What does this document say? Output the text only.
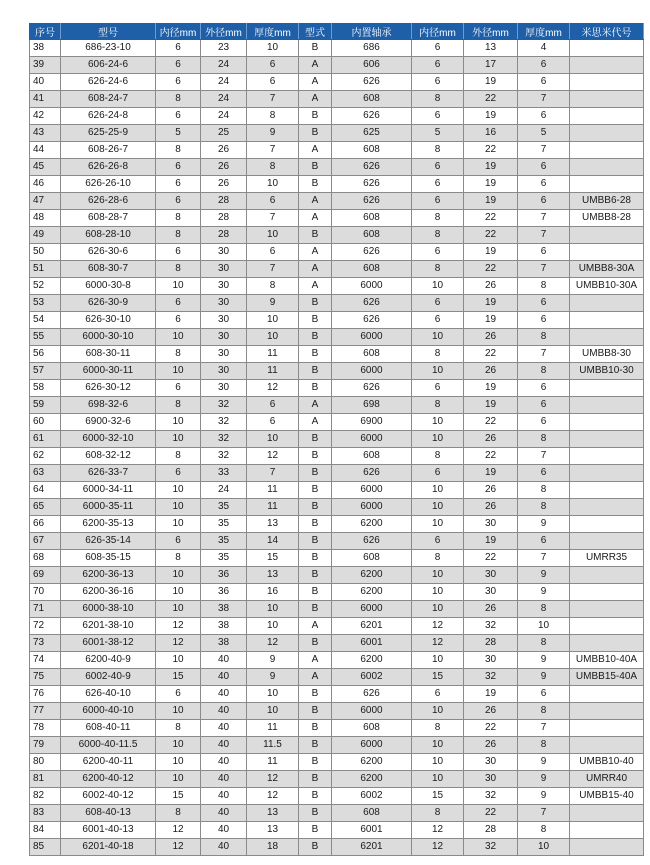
序号	型号	内径mm	外径mm	厚度mm	型式	内置轴承	内径mm	外径mm	厚度mm	米思米代号
38	686-23-10	6	23	10	B	686	6	13	4	
39	606-24-6	6	24	6	A	606	6	17	6	
40	626-24-6	6	24	6	A	626	6	19	6	
41	608-24-7	8	24	7	A	608	8	22	7	
42	626-24-8	6	24	8	B	626	6	19	6	
43	625-25-9	5	25	9	B	625	5	16	5	
44	608-26-7	8	26	7	A	608	8	22	7	
45	626-26-8	6	26	8	B	626	6	19	6	
46	626-26-10	6	26	10	B	626	6	19	6	
47	626-28-6	6	28	6	A	626	6	19	6	UMBB6-28
48	608-28-7	8	28	7	A	608	8	22	7	UMBB8-28
49	608-28-10	8	28	10	B	608	8	22	7	
50	626-30-6	6	30	6	A	626	6	19	6	
51	608-30-7	8	30	7	A	608	8	22	7	UMBB8-30A
52	6000-30-8	10	30	8	A	6000	10	26	8	UMBB10-30A
53	626-30-9	6	30	9	B	626	6	19	6	
54	626-30-10	6	30	10	B	626	6	19	6	
55	6000-30-10	10	30	10	B	6000	10	26	8	
56	608-30-11	8	30	11	B	608	8	22	7	UMBB8-30
57	6000-30-11	10	30	11	B	6000	10	26	8	UMBB10-30
58	626-30-12	6	30	12	B	626	6	19	6	
59	698-32-6	8	32	6	A	698	8	19	6	
60	6900-32-6	10	32	6	A	6900	10	22	6	
61	6000-32-10	10	32	10	B	6000	10	26	8	
62	608-32-12	8	32	12	B	608	8	22	7	
63	626-33-7	6	33	7	B	626	6	19	6	
64	6000-34-11	10	24	11	B	6000	10	26	8	
65	6000-35-11	10	35	11	B	6000	10	26	8	
66	6200-35-13	10	35	13	B	6200	10	30	9	
67	626-35-14	6	35	14	B	626	6	19	6	
68	608-35-15	8	35	15	B	608	8	22	7	UMRR35
69	6200-36-13	10	36	13	B	6200	10	30	9	
70	6200-36-16	10	36	16	B	6200	10	30	9	
71	6000-38-10	10	38	10	B	6000	10	26	8	
72	6201-38-10	12	38	10	A	6201	12	32	10	
73	6001-38-12	12	38	12	B	6001	12	28	8	
74	6200-40-9	10	40	9	A	6200	10	30	9	UMBB10-40A
75	6002-40-9	15	40	9	A	6002	15	32	9	UMBB15-40A
76	626-40-10	6	40	10	B	626	6	19	6	
77	6000-40-10	10	40	10	B	6000	10	26	8	
78	608-40-11	8	40	11	B	608	8	22	7	
79	6000-40-11.5	10	40	11.5	B	6000	10	26	8	
80	6200-40-11	10	40	11	B	6200	10	30	9	UMBB10-40
81	6200-40-12	10	40	12	B	6200	10	30	9	UMRR40
82	6002-40-12	15	40	12	B	6002	15	32	9	UMBB15-40
83	608-40-13	8	40	13	B	608	8	22	7	
84	6001-40-13	12	40	13	B	6001	12	28	8	
85	6201-40-18	12	40	18	B	6201	12	32	10	
